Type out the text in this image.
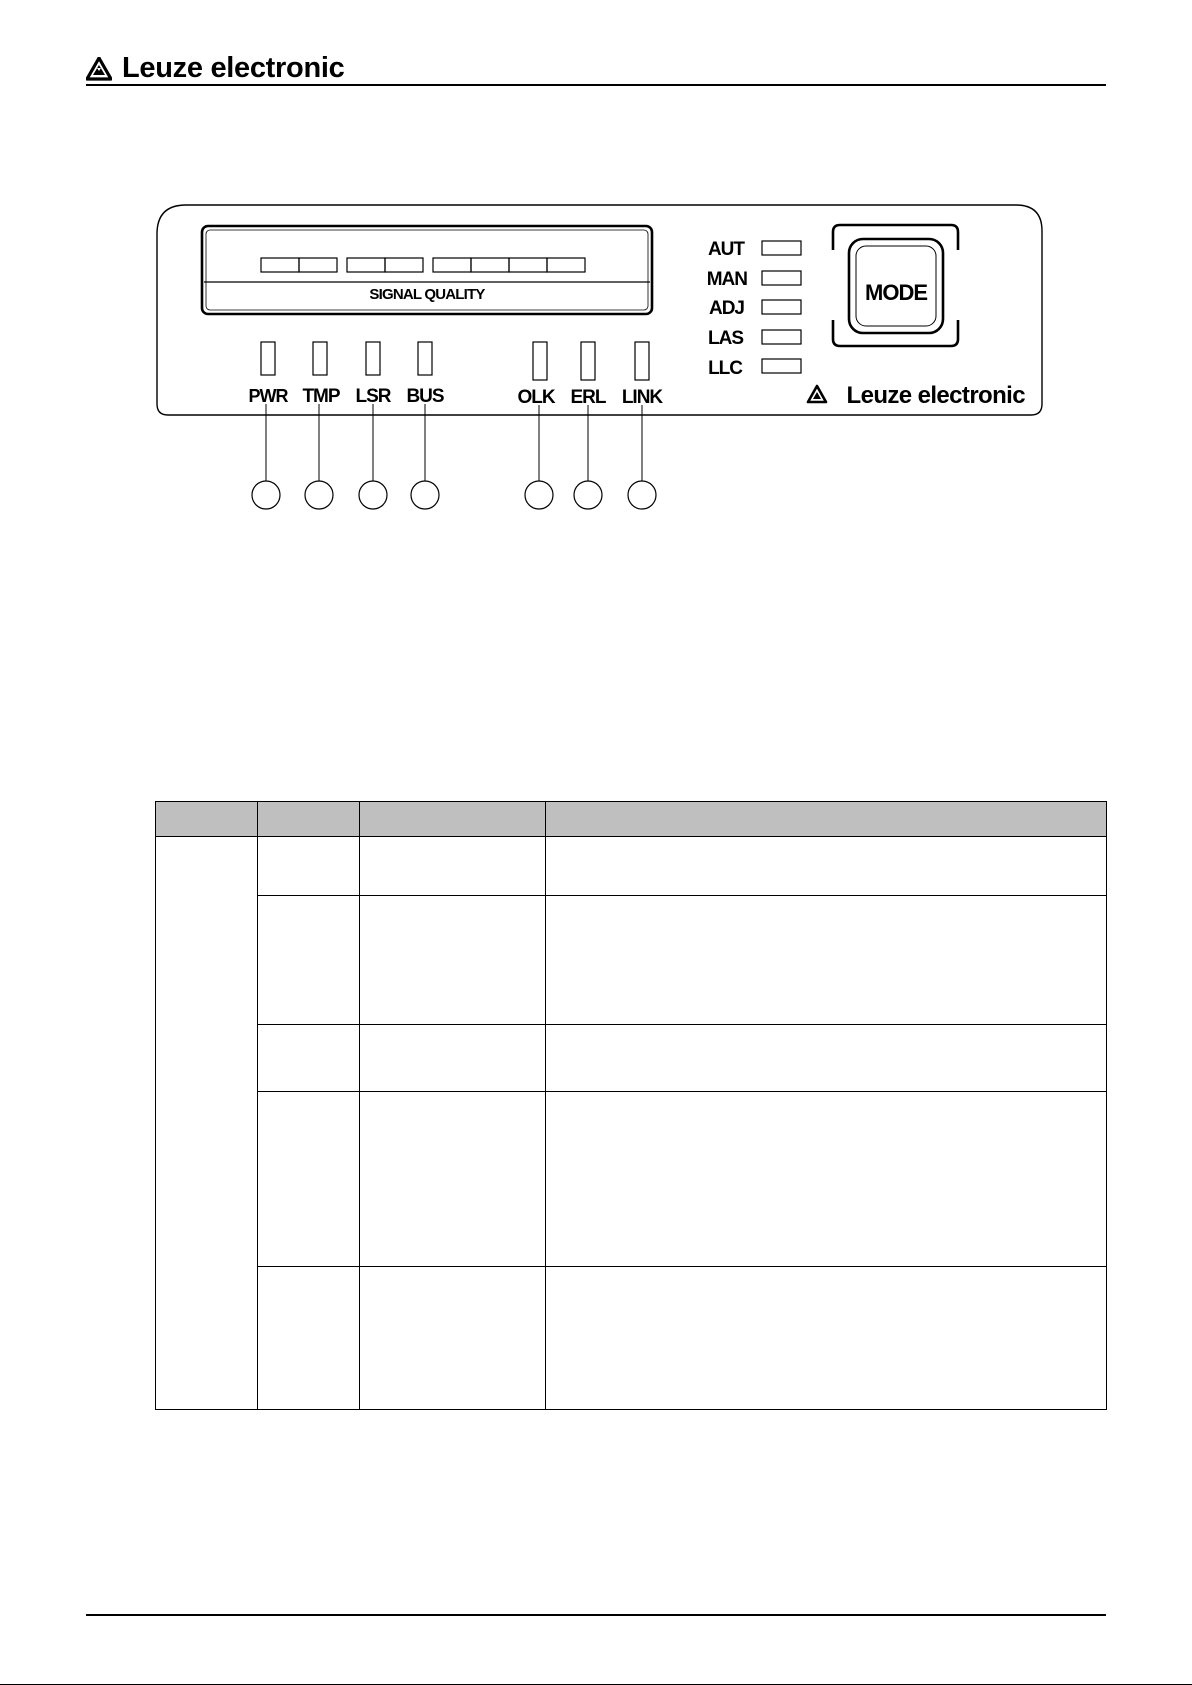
Leuze electronic
SIGNAL QUALITY
PWR TMP LSR BUS	OLK ERL LINK
AUT
MAN
ADJ
LAS
LLC
MODE
Leuze electronic
